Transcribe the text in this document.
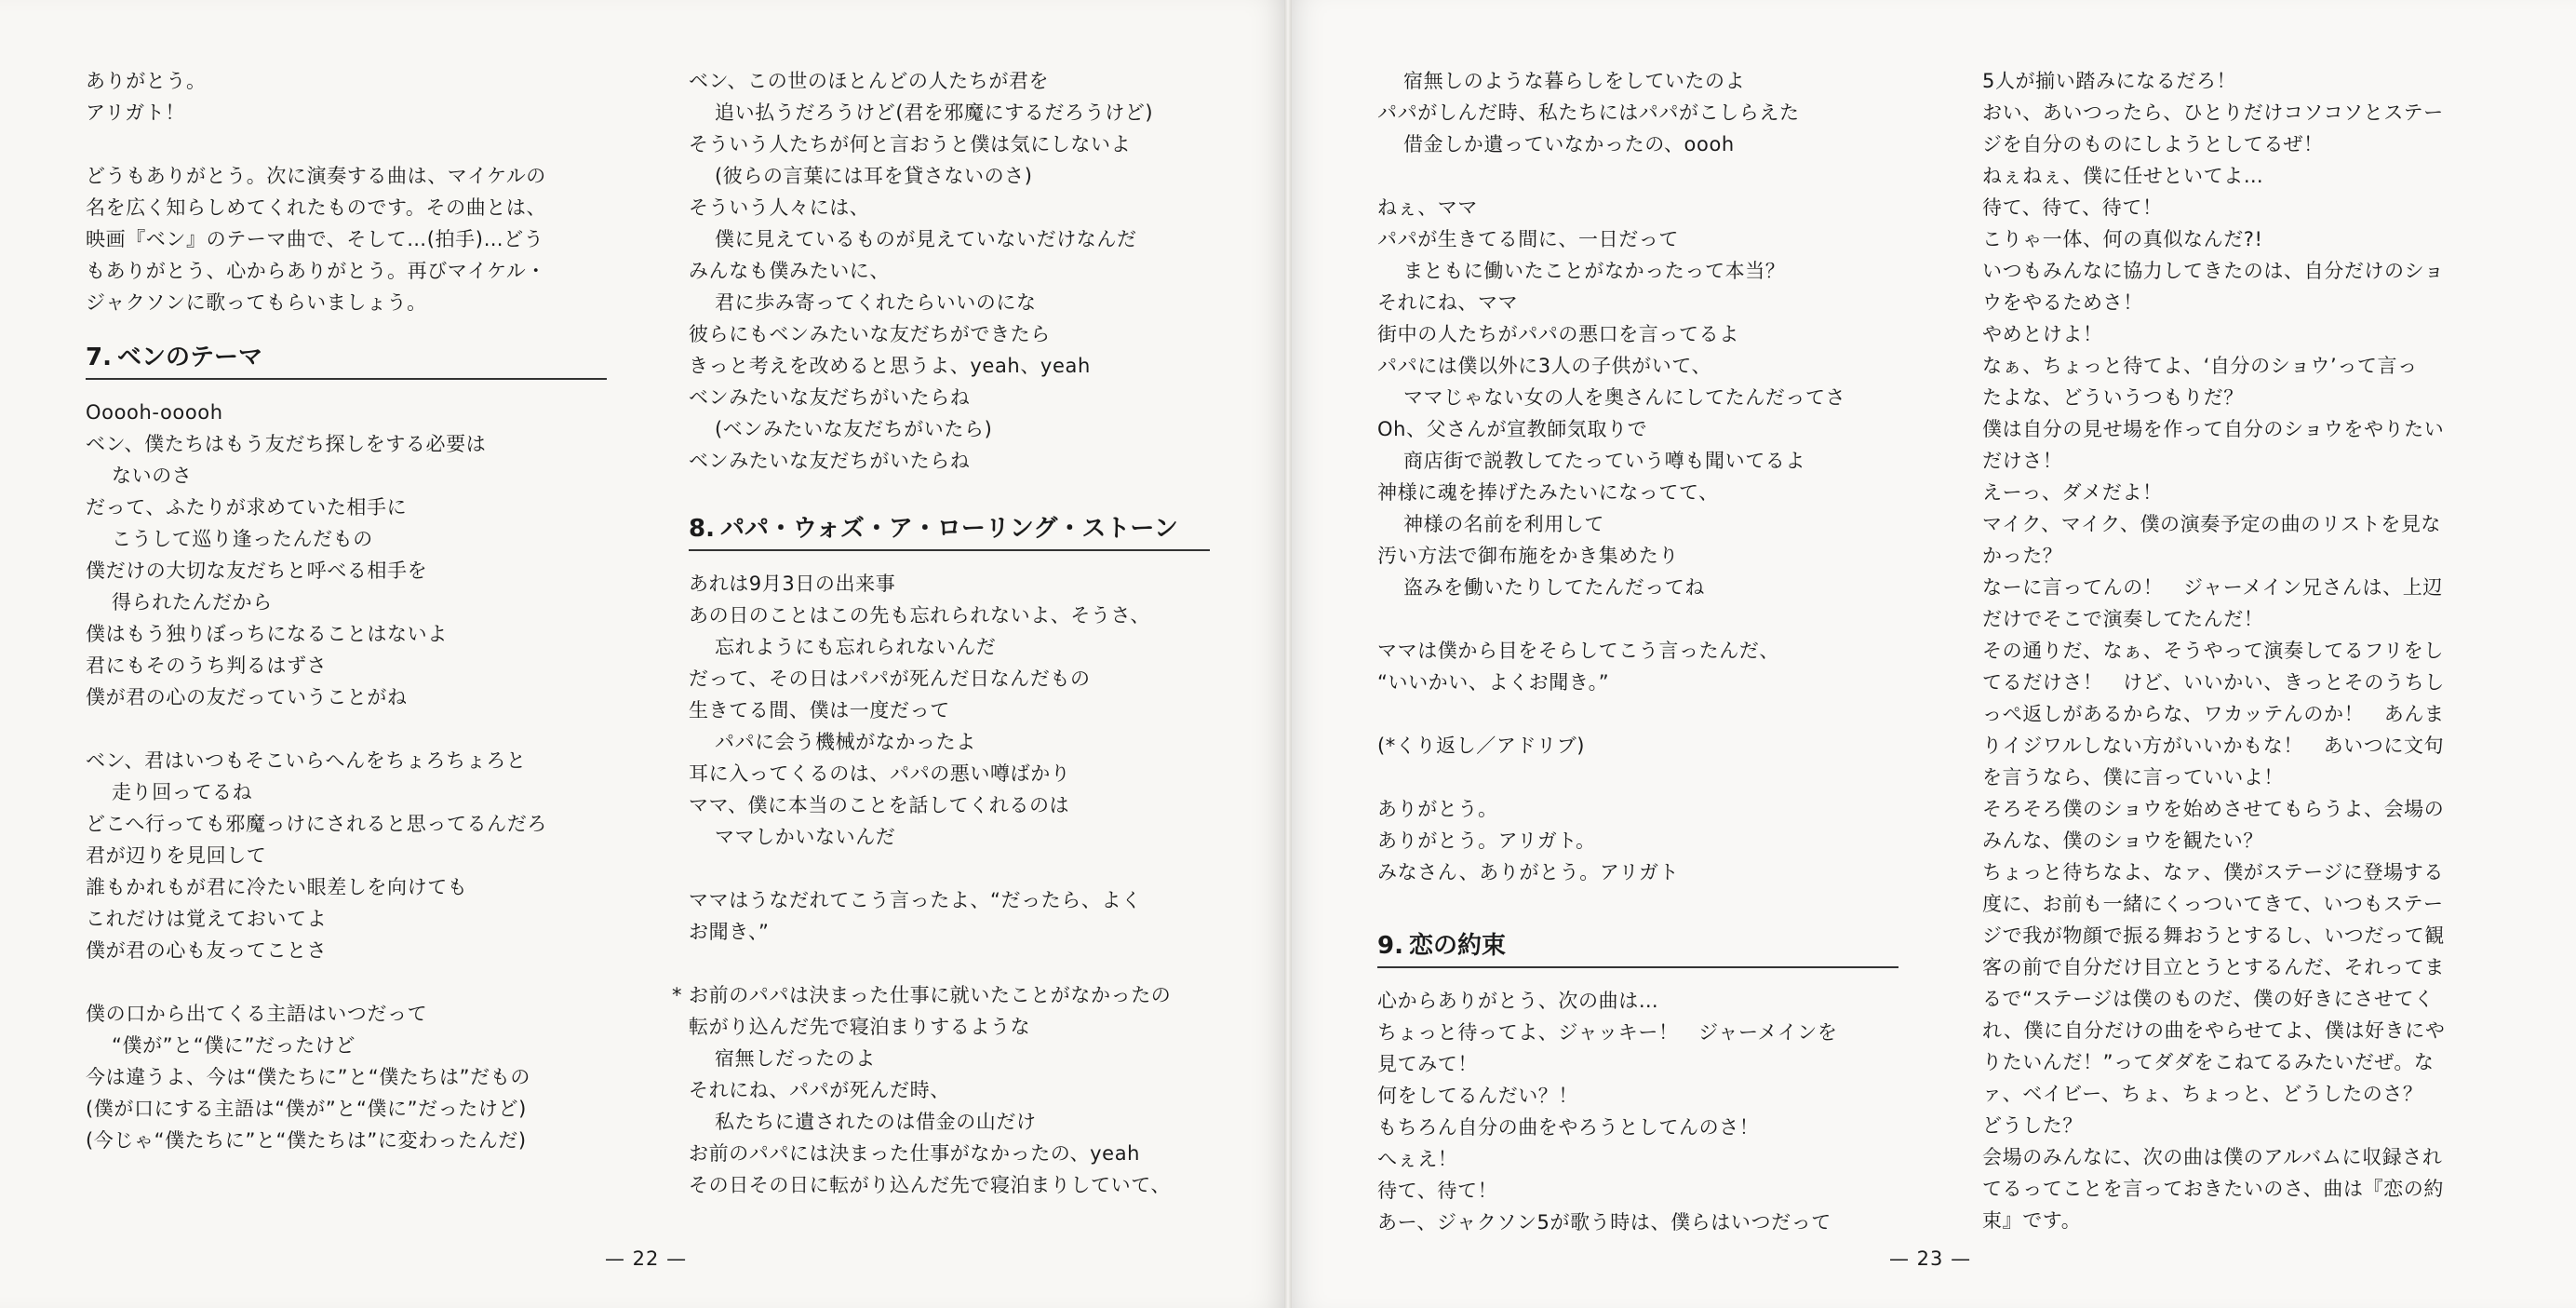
ありがとう。
アリガト！
どうもありがとう。次に演奏する曲は、マイケルの
名を広く知らしめてくれたものです。その曲とは、
映画『ベン』のテーマ曲で、そして…(拍手)…どう
もありがとう、心からありがとう。再びマイケル・
ジャクソンに歌ってもらいましょう。
7. ベンのテーマ
Ooooh-ooooh
ベン、僕たちはもう友だち探しをする必要は
ないのさ
だって、ふたりが求めていた相手に
こうして巡り逢ったんだもの
僕だけの大切な友だちと呼べる相手を
得られたんだから
僕はもう独りぼっちになることはないよ
君にもそのうち判るはずさ
僕が君の心の友だっていうことがね
ベン、君はいつもそこいらへんをちょろちょろと
走り回ってるね
どこへ行っても邪魔っけにされると思ってるんだろ
君が辺りを見回して
誰もかれもが君に冷たい眼差しを向けても
これだけは覚えておいてよ
僕が君の心も友ってことさ
僕の口から出てくる主語はいつだって
“僕が”と“僕に”だったけど
今は違うよ、今は“僕たちに”と“僕たちは”だもの
(僕が口にする主語は“僕が”と“僕に”だったけど)
(今じゃ“僕たちに”と“僕たちは”に変わったんだ)
ベン、この世のほとんどの人たちが君を
追い払うだろうけど(君を邪魔にするだろうけど)
そういう人たちが何と言おうと僕は気にしないよ
(彼らの言葉には耳を貸さないのさ)
そういう人々には、
僕に見えているものが見えていないだけなんだ
みんなも僕みたいに、
君に歩み寄ってくれたらいいのにな
彼らにもベンみたいな友だちができたら
きっと考えを改めると思うよ、yeah、yeah
ベンみたいな友だちがいたらね
(ベンみたいな友だちがいたら)
ベンみたいな友だちがいたらね
8. パパ・ウォズ・ア・ローリング・ストーン
あれは9月3日の出来事
あの日のことはこの先も忘れられないよ、そうさ、
忘れようにも忘れられないんだ
だって、その日はパパが死んだ日なんだもの
生きてる間、僕は一度だって
パパに会う機械がなかったよ
耳に入ってくるのは、パパの悪い噂ばかり
ママ、僕に本当のことを話してくれるのは
ママしかいないんだ
ママはうなだれてこう言ったよ、“だったら、よく
お聞き、”
* お前のパパは決まった仕事に就いたことがなかったの
転がり込んだ先で寝泊まりするような
宿無しだったのよ
それにね、パパが死んだ時、
私たちに遺されたのは借金の山だけ
お前のパパには決まった仕事がなかったの、yeah
その日その日に転がり込んだ先で寝泊まりしていて、
宿無しのような暮らしをしていたのよ
パパがしんだ時、私たちにはパパがこしらえた
借金しか遺っていなかったの、oooh
ねぇ、ママ
パパが生きてる間に、一日だって
まともに働いたことがなかったって本当？
それにね、ママ
街中の人たちがパパの悪口を言ってるよ
パパには僕以外に3人の子供がいて、
ママじゃない女の人を奥さんにしてたんだってさ
Oh、父さんが宣教師気取りで
商店街で説教してたっていう噂も聞いてるよ
神様に魂を捧げたみたいになってて、
神様の名前を利用して
汚い方法で御布施をかき集めたり
盗みを働いたりしてたんだってね
ママは僕から目をそらしてこう言ったんだ、
“いいかい、よくお聞き。”
(*くり返し／アドリブ)
ありがとう。
ありがとう。アリガト。
みなさん、ありがとう。アリガト
9. 恋の約束
心からありがとう、次の曲は…
ちょっと待ってよ、ジャッキー！　ジャーメインを
見てみて！
何をしてるんだい？！
もちろん自分の曲をやろうとしてんのさ！
へぇえ！
待て、待て！
あー、ジャクソン5が歌う時は、僕らはいつだって
5人が揃い踏みになるだろ！
おい、あいつったら、ひとりだけコソコソとステー
ジを自分のものにしようとしてるぜ！
ねぇねぇ、僕に任せといてよ…
待て、待て、待て！
こりゃ一体、何の真似なんだ?!
いつもみんなに協力してきたのは、自分だけのショ
ウをやるためさ！
やめとけよ！
なぁ、ちょっと待てよ、‘自分のショウ’って言っ
たよな、どういうつもりだ？
僕は自分の見せ場を作って自分のショウをやりたい
だけさ！
えーっ、ダメだよ！
マイク、マイク、僕の演奏予定の曲のリストを見な
かった？
なーに言ってんの！　ジャーメイン兄さんは、上辺
だけでそこで演奏してたんだ！
その通りだ、なぁ、そうやって演奏してるフリをし
てるだけさ！　けど、いいかい、きっとそのうちし
っぺ返しがあるからな、ワカッテんのか！　あんま
りイジワルしない方がいいかもな！　あいつに文句
を言うなら、僕に言っていいよ！
そろそろ僕のショウを始めさせてもらうよ、会場の
みんな、僕のショウを観たい？
ちょっと待ちなよ、なァ、僕がステージに登場する
度に、お前も一緒にくっついてきて、いつもステー
ジで我が物顔で振る舞おうとするし、いつだって観
客の前で自分だけ目立とうとするんだ、それってま
るで“ステージは僕のものだ、僕の好きにさせてく
れ、僕に自分だけの曲をやらせてよ、僕は好きにや
りたいんだ！”ってダダをこねてるみたいだぜ。な
ァ、ベイビー、ちょ、ちょっと、どうしたのさ？
どうした？
会場のみんなに、次の曲は僕のアルバムに収録され
てるってことを言っておきたいのさ、曲は『恋の約
束』です。
— 22 —	— 23 —
